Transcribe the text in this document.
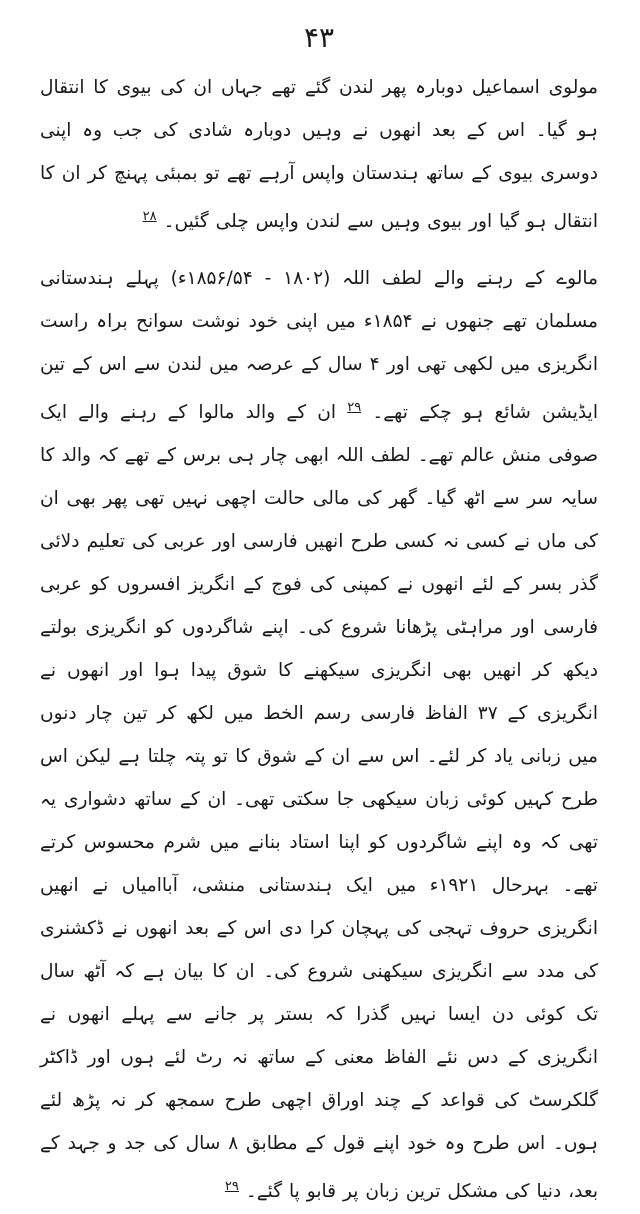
۴۳

مولوی اسماعیل دوبارہ پھر لندن گئے تھے جہاں ان کی بیوی کا انتقال ہو گیا۔ اس کے بعد انھوں نے وہیں دوبارہ شادی کی جب وہ اپنی دوسری بیوی کے ساتھ ہندستان واپس آرہے تھے تو بمبئی پہنچ کر ان کا انتقال ہو گیا اور بیوی وہیں سے لندن واپس چلی گئیں۔ $^{۲۸}$

مالوے کے رہنے والے لطف اللہ (۱۸۰۲ - ۱۸۵۶/۵۴ء) پہلے ہندستانی مسلمان تھے جنھوں نے ۱۸۵۴ء میں اپنی خود نوشت سوانح براہ راست انگریزی میں لکھی تھی اور ۴ سال کے عرصہ میں لندن سے اس کے تین ایڈیشن شائع ہو چکے تھے۔ $^{۲۹}$ ان کے والد مالوا کے رہنے والے ایک صوفی منش عالم تھے۔ لطف اللہ ابھی چار ہی برس کے تھے کہ والد کا سایہ سر سے اٹھ گیا۔ گھر کی مالی حالت اچھی نہیں تھی پھر بھی ان کی ماں نے کسی نہ کسی طرح انھیں فارسی اور عربی کی تعلیم دلائی گذر بسر کے لئے انھوں نے کمپنی کی فوج کے انگریز افسروں کو عربی فارسی اور مراہٹی پڑھانا شروع کی۔ اپنے شاگردوں کو انگریزی بولتے دیکھ کر انھیں بھی انگریزی سیکھنے کا شوق پیدا ہوا اور انھوں نے انگریزی کے ۳۷ الفاظ فارسی رسم الخط میں لکھ کر تین چار دنوں میں زبانی یاد کر لئے۔ اس سے ان کے شوق کا تو پتہ چلتا ہے لیکن اس طرح کہیں کوئی زبان سیکھی جا سکتی تھی۔ ان کے ساتھ دشواری یہ تھی کہ وہ اپنے شاگردوں کو اپنا استاد بنانے میں شرم محسوس کرتے تھے۔ بہرحال ۱۹۲۱ء میں ایک ہندستانی منشی، آباامیاں نے انھیں انگریزی حروف تہجی کی پہچان کرا دی اس کے بعد انھوں نے ڈکشنری کی مدد سے انگریزی سیکھنی شروع کی۔ ان کا بیان ہے کہ آٹھ سال تک کوئی دن ایسا نہیں گذرا کہ بستر پر جانے سے پہلے انھوں نے انگریزی کے دس نئے الفاظ معنی کے ساتھ نہ رٹ لئے ہوں اور ڈاکٹر گلکرسٹ کی قواعد کے چند اوراق اچھی طرح سمجھ کر نہ پڑھ لئے ہوں۔ اس طرح وہ خود اپنے قول کے مطابق ۸ سال کی جد و جہد کے بعد، دنیا کی مشکل ترین زبان پر قابو پا گئے۔ $^{۲۹}$
